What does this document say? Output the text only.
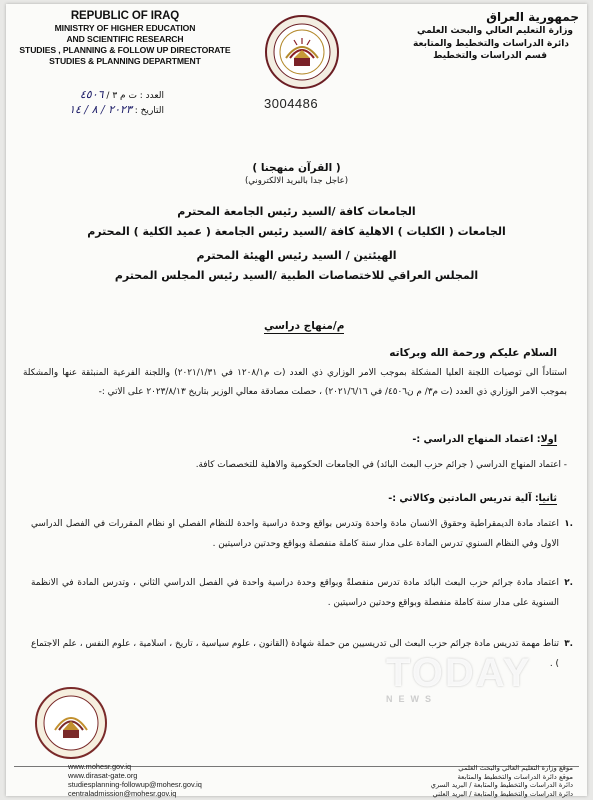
REPUBLIC OF IRAQ
MINISTRY OF HIGHER EDUCATION
AND SCIENTIFIC RESEARCH
STUDIES , PLANNING & FOLLOW UP DIRECTORATE
STUDIES & PLANNING DEPARTMENT
جمهورية العراق
وزارة التعليم العالي والبحث العلمي
دائرة الدراسات والتخطيط والمتابعة
قسم الدراسات والتخطيط
العدد : ت م ٣ / ٤٥٠٦
التاريخ : ٢٠٢٣ / ٨ / ١٤	3004486
( القرآن منهجنا )
(عاجل جدا بالبريد الالكتروني)
الجامعات كافة /السيد رئيس الجامعة المحترم
الجامعات ( الكليات ) الاهلية كافة /السيد رئيس الجامعة ( عميد الكلية ) المحترم
الهيئتين / السيد رئيس الهيئة المحترم
المجلس العراقي للاختصاصات الطبية /السيد رئيس المجلس المحترم
م/منهاج دراسي
السلام عليكم ورحمة الله وبركاته
استناداً الى توصيات اللجنة العليا المشكلة بموجب الامر الوزاري ذي العدد (ت م١٢٠٨/١ في ٢٠٢١/١/٣١) واللجنة الفرعية المنبثقة عنها والمشكلة بموجب الامر الوزاري ذي العدد (ت م٣/ م ن٤٥٠٦/ في ٢٠٢١/٦/١٦) ، حصلت مصادقة معالي الوزير بتاريخ ٢٠٢٣/٨/١٣ على الاتي :-
اولا: اعتماد المنهاج الدراسي :-
- اعتماد المنهاج الدراسي ( جرائم حزب البعث البائد) في الجامعات الحكومية والاهلية للتخصصات كافة.
ثانيا: آلية تدريس المادتين وكالاتي :-
.١
اعتماد مادة الديمقراطية وحقوق الانسان مادة واحدة وتدرس بواقع وحدة دراسية واحدة للنظام الفصلي او نظام المقررات في الفصل الدراسي الاول وفي النظام السنوي تدرس المادة على مدار سنة كاملة منفصلة وبواقع وحدتين دراسيتين .
.٢
اعتماد مادة جرائم حزب البعث البائد مادة تدرس منفصلةً وبواقع وحدة دراسية واحدة في الفصل الدراسي الثاني ، وتدرس المادة في الانظمة السنوية على مدار سنة كاملة منفصلة وبواقع وحدتين دراسيتين .
.٣
تناط مهمة تدريس مادة جرائم حزب البعث الى تدريسيين من حملة شهادة (القانون ، علوم سياسية ، تاريخ ، اسلامية ، علوم النفس ، علم الاجتماع ) .
TODAY
NEWS
www.mohesr.gov.iq
www.dirasat-gate.org
studiesplanning-followup@mohesr.gov.iq
centraladmission@mohesr.gov.iq
موقع وزارة التعليم العالي والبحث العلمي
موقع دائرة الدراسات والتخطيط والمتابعة
دائرة الدراسات والتخطيط والمتابعة / البريد السري
دائرة الدراسات والتخطيط والمتابعة / البريد العلني
